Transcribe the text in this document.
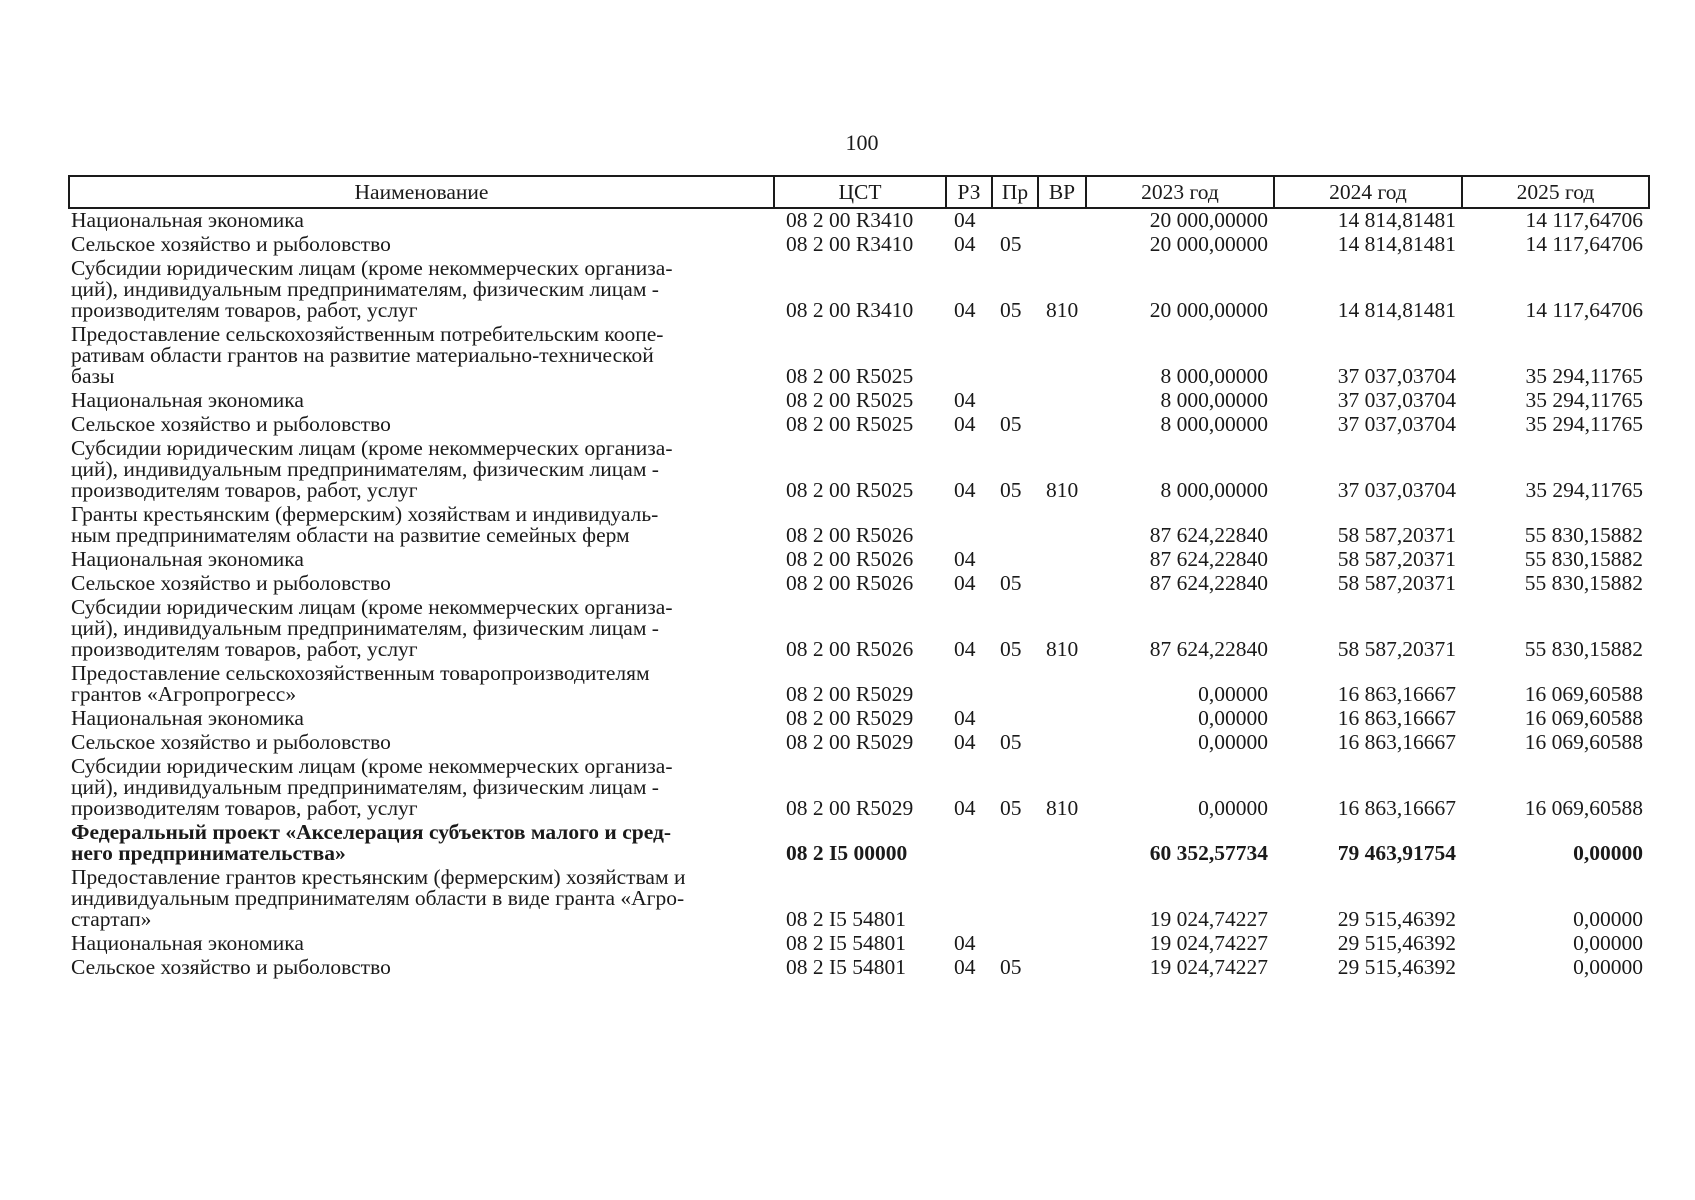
100
Наименование	ЦСТ	РЗ	Пр	ВР	2023 год	2024 год	2025 год

Национальная экономика	08 2 00 R3410	04			20 000,00000	14 814,81481	14 117,64706

Сельское хозяйство и рыболовство	08 2 00 R3410	04	05		20 000,00000	14 814,81481	14 117,64706

Субсидии юридическим лицам (кроме некоммерческих организа-
ций), индивидуальным предпринимателям, физическим лицам -
производителям товаров, работ, услуг	08 2 00 R3410	04	05	810	20 000,00000	14 814,81481	14 117,64706

Предоставление сельскохозяйственным потребительским коопе-
ративам области грантов на развитие материально-технической
базы	08 2 00 R5025				8 000,00000	37 037,03704	35 294,11765

Национальная экономика	08 2 00 R5025	04			8 000,00000	37 037,03704	35 294,11765

Сельское хозяйство и рыболовство	08 2 00 R5025	04	05		8 000,00000	37 037,03704	35 294,11765

Субсидии юридическим лицам (кроме некоммерческих организа-
ций), индивидуальным предпринимателям, физическим лицам -
производителям товаров, работ, услуг	08 2 00 R5025	04	05	810	8 000,00000	37 037,03704	35 294,11765

Гранты крестьянским (фермерским) хозяйствам и индивидуаль-
ным предпринимателям области на развитие семейных ферм	08 2 00 R5026				87 624,22840	58 587,20371	55 830,15882

Национальная экономика	08 2 00 R5026	04			87 624,22840	58 587,20371	55 830,15882

Сельское хозяйство и рыболовство	08 2 00 R5026	04	05		87 624,22840	58 587,20371	55 830,15882

Субсидии юридическим лицам (кроме некоммерческих организа-
ций), индивидуальным предпринимателям, физическим лицам -
производителям товаров, работ, услуг	08 2 00 R5026	04	05	810	87 624,22840	58 587,20371	55 830,15882

Предоставление сельскохозяйственным товаропроизводителям
грантов «Агропрогресс»	08 2 00 R5029				0,00000	16 863,16667	16 069,60588

Национальная экономика	08 2 00 R5029	04			0,00000	16 863,16667	16 069,60588

Сельское хозяйство и рыболовство	08 2 00 R5029	04	05		0,00000	16 863,16667	16 069,60588

Субсидии юридическим лицам (кроме некоммерческих организа-
ций), индивидуальным предпринимателям, физическим лицам -
производителям товаров, работ, услуг	08 2 00 R5029	04	05	810	0,00000	16 863,16667	16 069,60588

Федеральный проект «Акселерация субъектов малого и сред-
него предпринимательства»	08 2 I5 00000				60 352,57734	79 463,91754	0,00000

Предоставление грантов крестьянским (фермерским) хозяйствам и
индивидуальным предпринимателям области в виде гранта «Агро-
стартап»	08 2 I5 54801				19 024,74227	29 515,46392	0,00000

Национальная экономика	08 2 I5 54801	04			19 024,74227	29 515,46392	0,00000

Сельское хозяйство и рыболовство	08 2 I5 54801	04	05		19 024,74227	29 515,46392	0,00000
